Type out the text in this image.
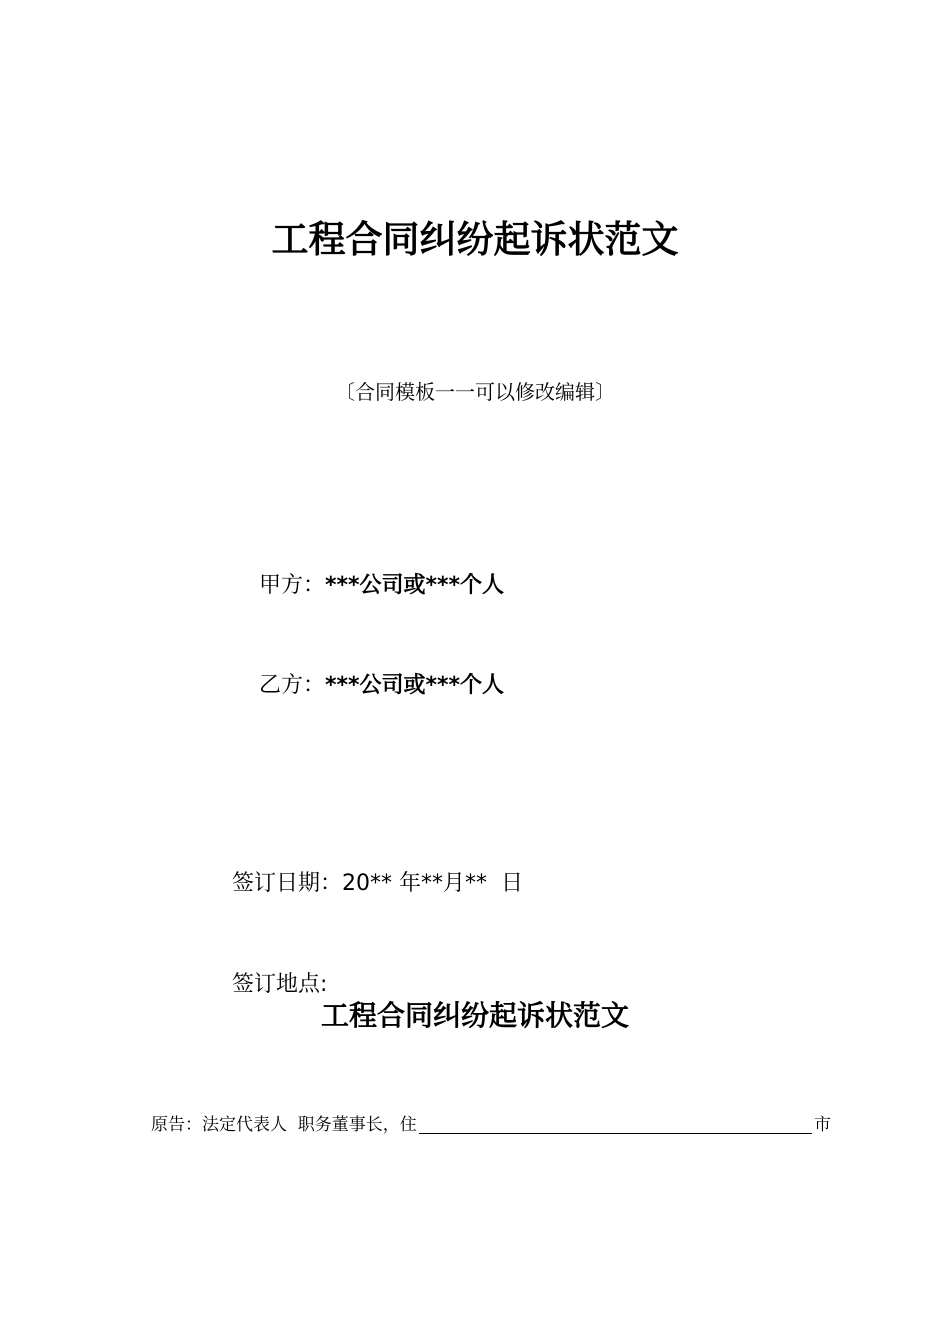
工程合同纠纷起诉状范文
〔合同模板一一可以修改编辑〕
甲方：***公司或***个人
乙方：***公司或***个人
签订日期：20** 年**月**  日
签订地点:
工程合同纠纷起诉状范文
原告：法定代表人  职务董事长，住	市
